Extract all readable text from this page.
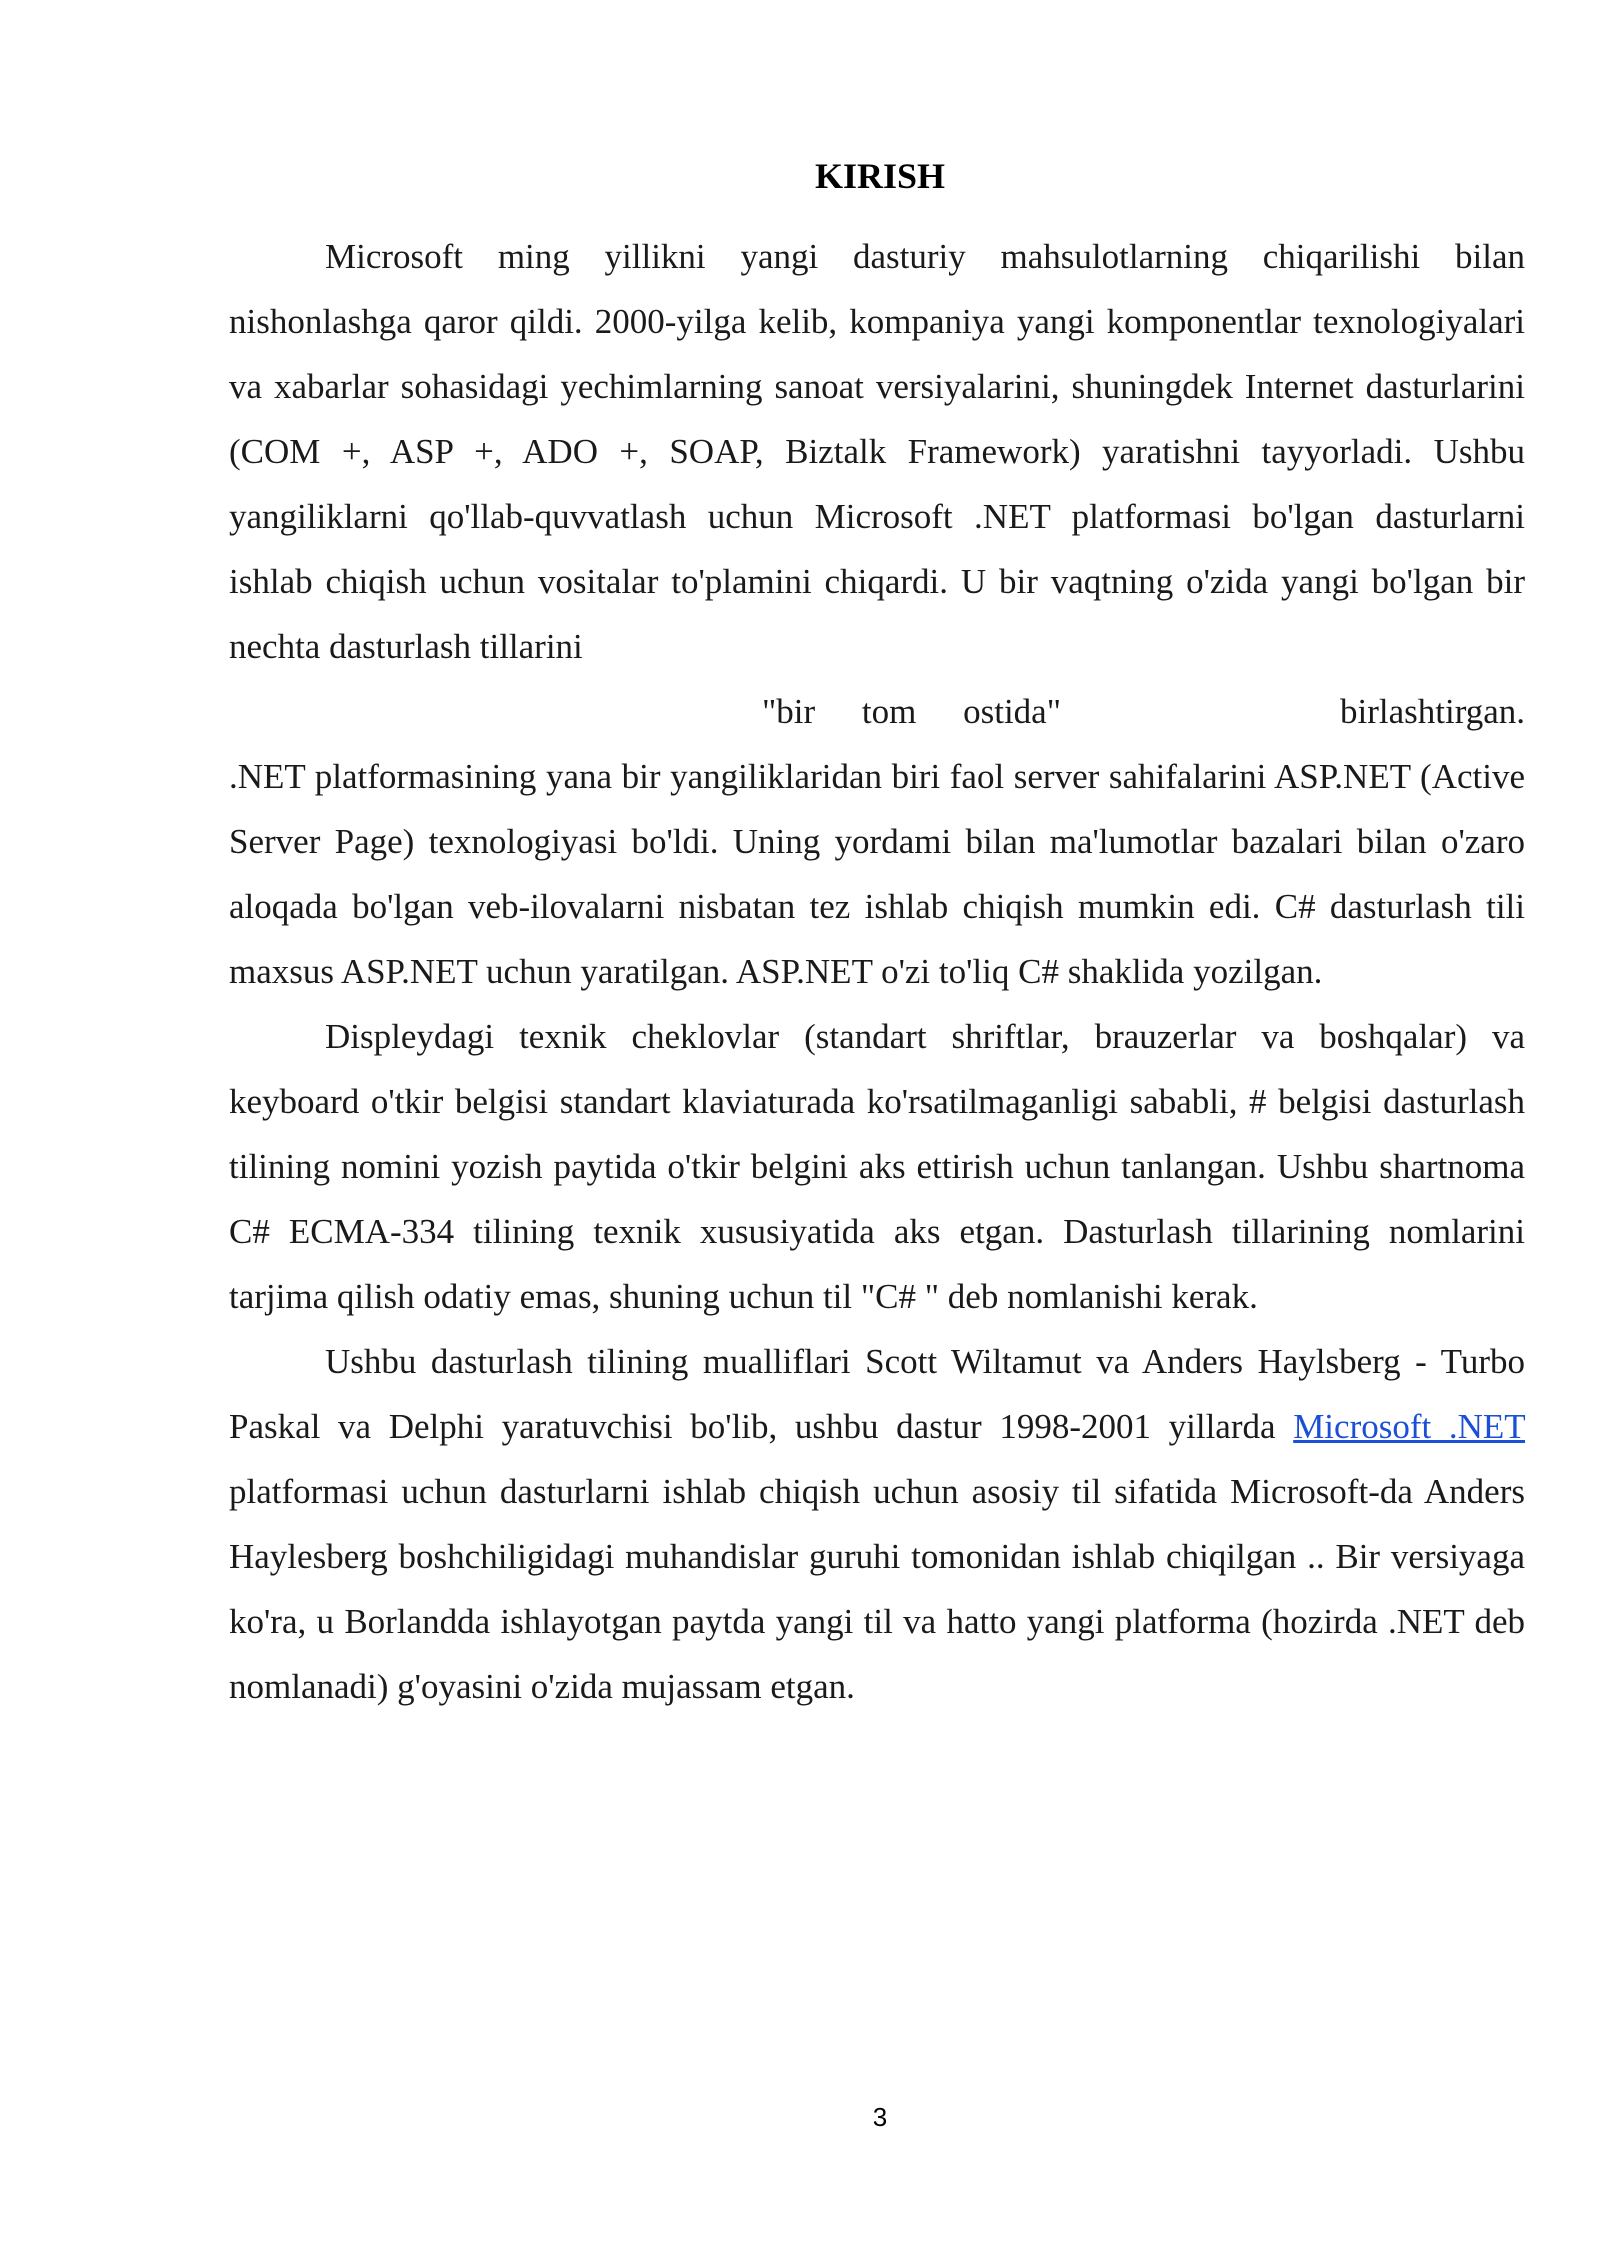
KIRISH

Microsoft ming yillikni yangi dasturiy mahsulotlarning chiqarilishi bilan nishonlashga qaror qildi. 2000-yilga kelib, kompaniya yangi komponentlar texnologiyalari va xabarlar sohasidagi yechimlarning sanoat versiyalarini, shuningdek Internet dasturlarini (COM +, ASP +, ADO +, SOAP, Biztalk Framework) yaratishni tayyorladi. Ushbu yangiliklarni qo'llab-quvvatlash uchun Microsoft .NET platformasi bo'lgan dasturlarni ishlab chiqish uchun vositalar to'plamini chiqardi. U bir vaqtning o'zida yangi bo'lgan bir nechta dasturlash tillarini

"bir tom ostida"	birlashtirgan.

.NET platformasining yana bir yangiliklaridan biri faol server sahifalarini ASP.NET (Active Server Page) texnologiyasi bo'ldi. Uning yordami bilan ma'lumotlar bazalari bilan o'zaro aloqada bo'lgan veb-ilovalarni nisbatan tez ishlab chiqish mumkin edi. C# dasturlash tili maxsus ASP.NET uchun yaratilgan. ASP.NET o'zi to'liq C# shaklida yozilgan.

Displeydagi texnik cheklovlar (standart shriftlar, brauzerlar va boshqalar) va keyboard o'tkir belgisi standart klaviaturada ko'rsatilmaganligi sababli, # belgisi dasturlash tilining nomini yozish paytida o'tkir belgini aks ettirish uchun tanlangan. Ushbu shartnoma C# ECMA-334 tilining texnik xususiyatida aks etgan. Dasturlash tillarining nomlarini tarjima qilish odatiy emas, shuning uchun til "C# " deb nomlanishi kerak.

Ushbu dasturlash tilining mualliflari Scott Wiltamut va Anders Haylsberg - Turbo Paskal va Delphi yaratuvchisi bo'lib, ushbu dastur 1998-2001 yillarda Microsoft .NET platformasi uchun dasturlarni ishlab chiqish uchun asosiy til sifatida Microsoft-da Anders Haylesberg boshchiligidagi muhandislar guruhi tomonidan ishlab chiqilgan .. Bir versiyaga ko'ra, u Borlandda ishlayotgan paytda yangi til va hatto yangi platforma (hozirda .NET deb nomlanadi) g'oyasini o'zida mujassam etgan.

3
